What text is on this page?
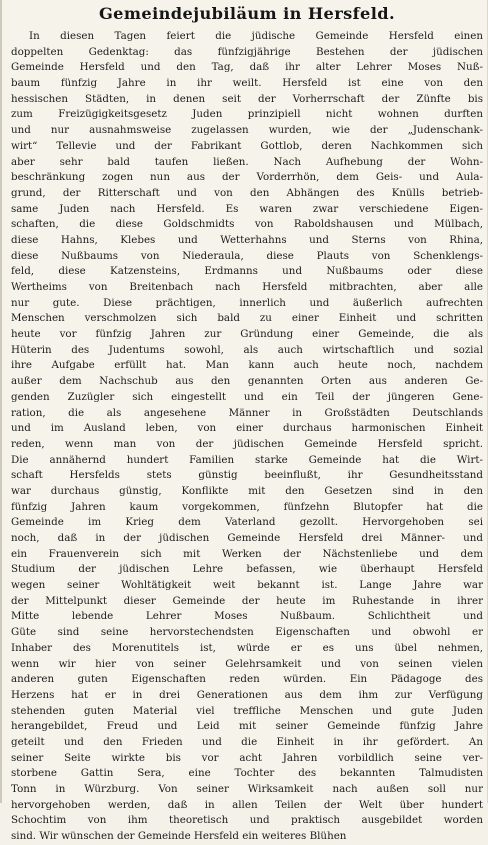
Gemeindejubiläum in Hersfeld.
In diesen Tagen feiert die jüdische Gemeinde Hersfeld einen
doppelten Gedenktag: das fünfzigjährige Bestehen der jüdischen
Gemeinde Hersfeld und den Tag, daß ihr alter Lehrer Moses Nuß-
baum fünfzig Jahre in ihr weilt. Hersfeld ist eine von den
hessischen Städten, in denen seit der Vorherrschaft der Zünfte bis
zum Freizügigkeitsgesetz Juden prinzipiell nicht wohnen durften
und nur ausnahmsweise zugelassen wurden, wie der „Judenschank-
wirt“ Tellevie und der Fabrikant Gottlob, deren Nachkommen sich
aber sehr bald taufen ließen. Nach Aufhebung der Wohn-
beschränkung zogen nun aus der Vorderrhön, dem Geis- und Aula-
grund, der Ritterschaft und von den Abhängen des Knülls betrieb-
same Juden nach Hersfeld. Es waren zwar verschiedene Eigen-
schaften, die diese Goldschmidts von Raboldshausen und Mülbach,
diese Hahns, Klebes und Wetterhahns und Sterns von Rhina,
diese Nußbaums von Niederaula, diese Plauts von Schenklengs-
feld, diese Katzensteins, Erdmanns und Nußbaums oder diese
Wertheims von Breitenbach nach Hersfeld mitbrachten, aber alle
nur gute. Diese prächtigen, innerlich und äußerlich aufrechten
Menschen verschmolzen sich bald zu einer Einheit und schritten
heute vor fünfzig Jahren zur Gründung einer Gemeinde, die als
Hüterin des Judentums sowohl, als auch wirtschaftlich und sozial
ihre Aufgabe erfüllt hat. Man kann auch heute noch, nachdem
außer dem Nachschub aus den genannten Orten aus anderen Ge-
genden Zuzügler sich eingestellt und ein Teil der jüngeren Gene-
ration, die als angesehene Männer in Großstädten Deutschlands
und im Ausland leben, von einer durchaus harmonischen Einheit
reden, wenn man von der jüdischen Gemeinde Hersfeld spricht.
Die annähernd hundert Familien starke Gemeinde hat die Wirt-
schaft Hersfelds stets günstig beeinflußt, ihr Gesundheitsstand
war durchaus günstig, Konflikte mit den Gesetzen sind in den
fünfzig Jahren kaum vorgekommen, fünfzehn Blutopfer hat die
Gemeinde im Krieg dem Vaterland gezollt. Hervorgehoben sei
noch, daß in der jüdischen Gemeinde Hersfeld drei Männer- und
ein Frauenverein sich mit Werken der Nächstenliebe und dem
Studium der jüdischen Lehre befassen, wie überhaupt Hersfeld
wegen seiner Wohltätigkeit weit bekannt ist. Lange Jahre war
der Mittelpunkt dieser Gemeinde der heute im Ruhestande in ihrer
Mitte lebende Lehrer Moses Nußbaum. Schlichtheit und
Güte sind seine hervorstechendsten Eigenschaften und obwohl er
Inhaber des Morenutitels ist, würde er es uns übel nehmen,
wenn wir hier von seiner Gelehrsamkeit und von seinen vielen
anderen guten Eigenschaften reden würden. Ein Pädagoge des
Herzens hat er in drei Generationen aus dem ihm zur Verfügung
stehenden guten Material viel treffliche Menschen und gute Juden
herangebildet, Freud und Leid mit seiner Gemeinde fünfzig Jahre
geteilt und den Frieden und die Einheit in ihr gefördert. An
seiner Seite wirkte bis vor acht Jahren vorbildlich seine ver-
storbene Gattin Sera, eine Tochter des bekannten Talmudisten
Tonn in Würzburg. Von seiner Wirksamkeit nach außen soll nur
hervorgehoben werden, daß in allen Teilen der Welt über hundert
Schochtim von ihm theoretisch und praktisch ausgebildet worden
sind. Wir wünschen der Gemeinde Hersfeld ein weiteres Blühen
